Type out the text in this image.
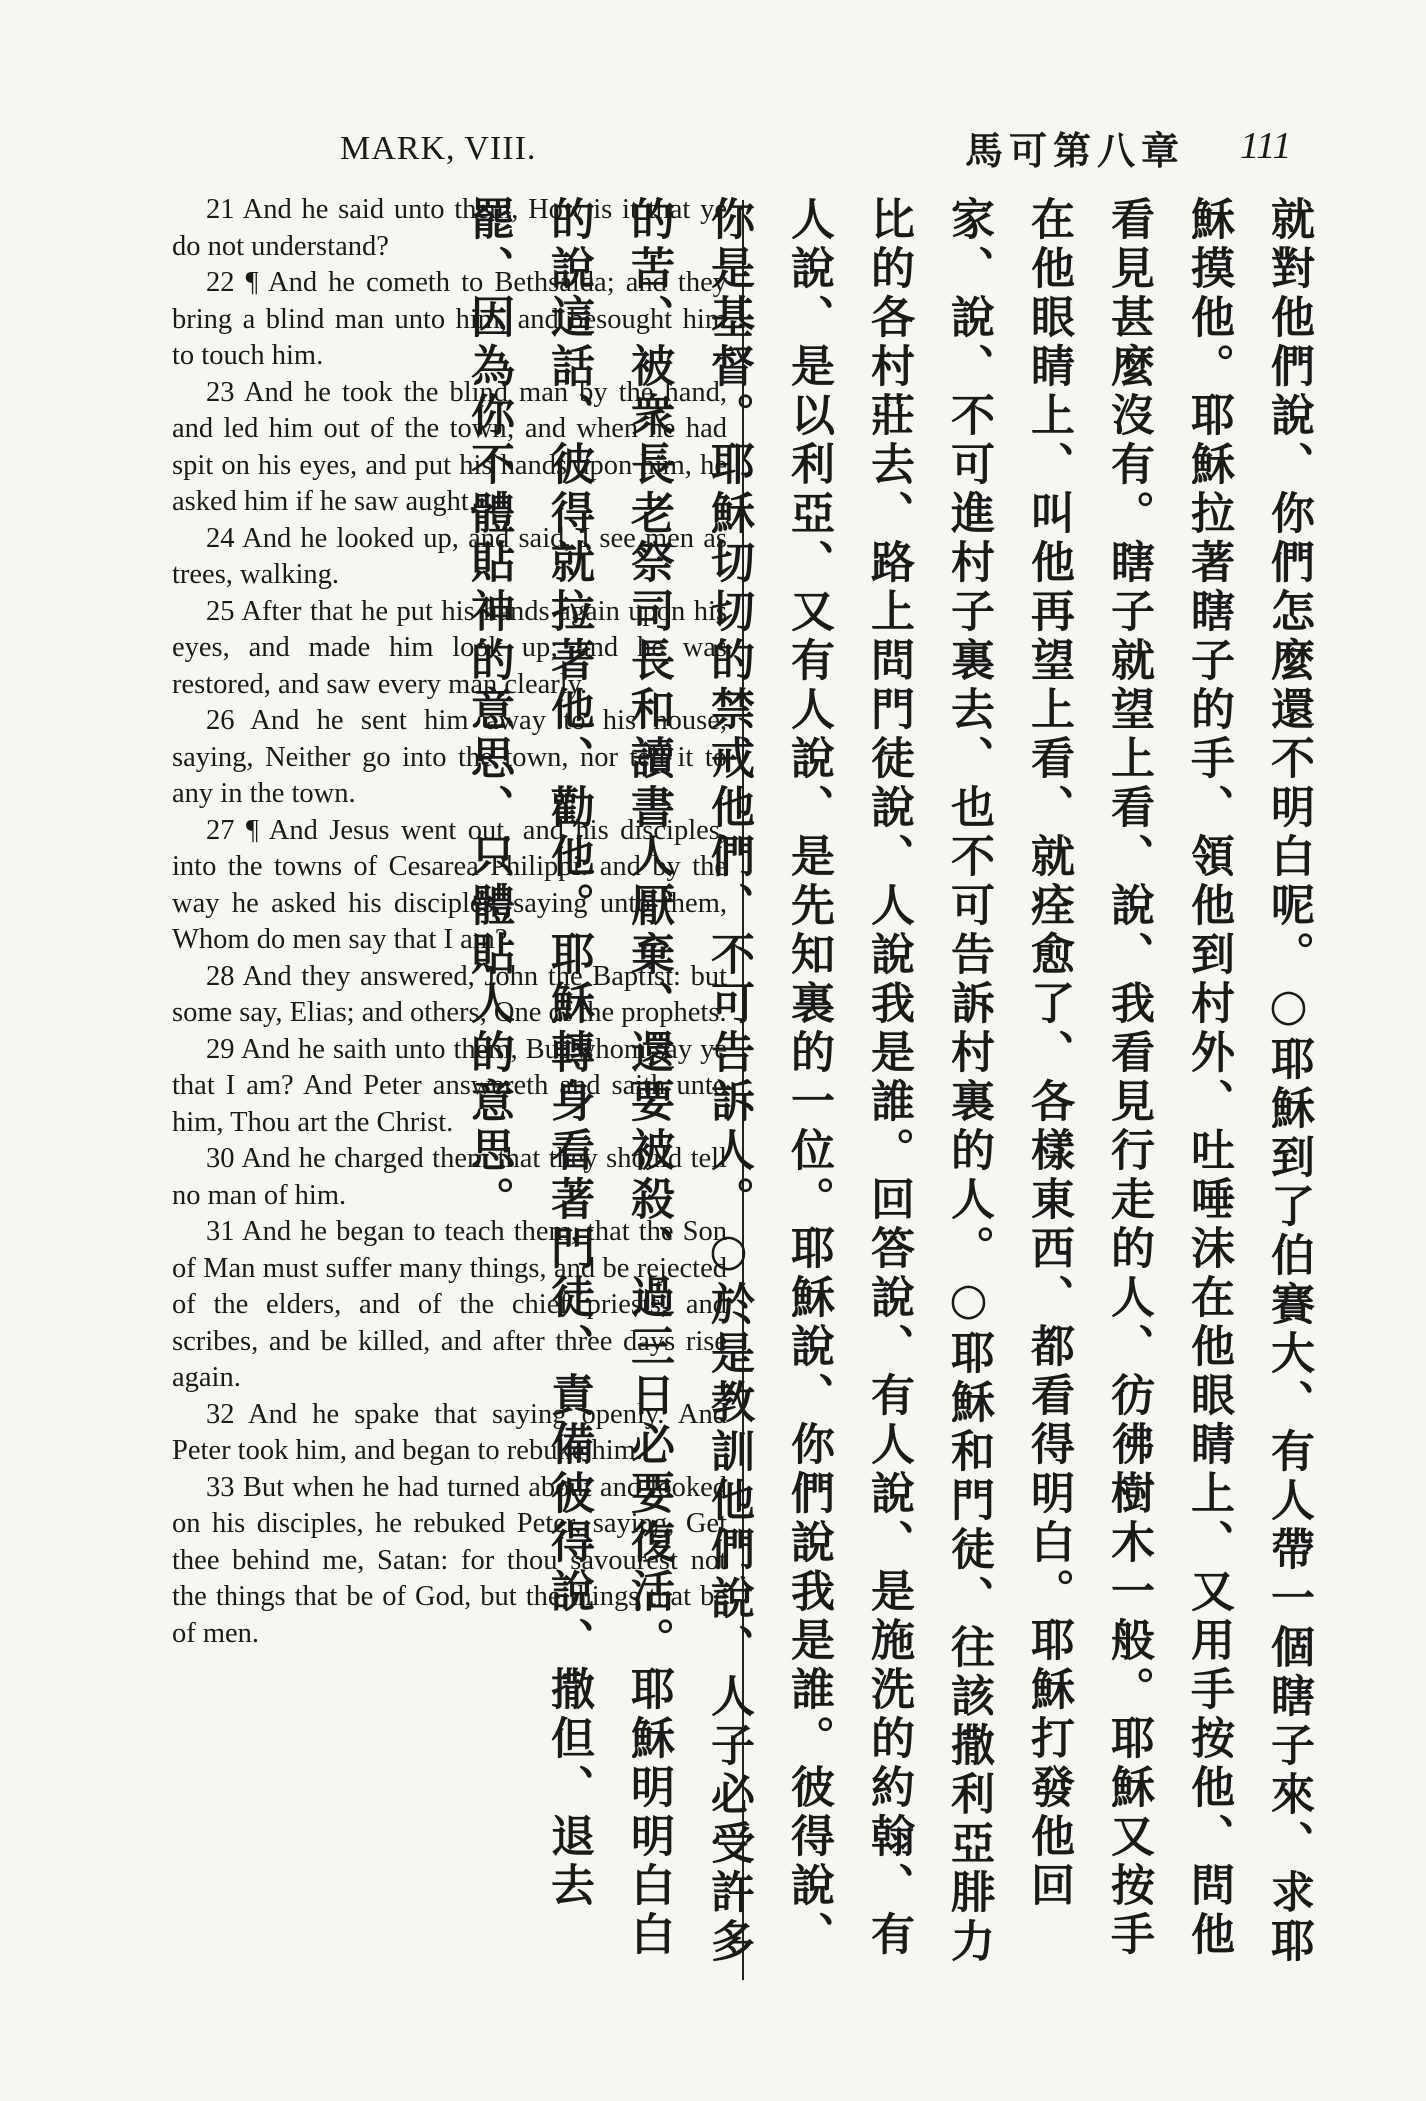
MARK, VIII.	馬可第八章 111

21 And he said unto them, How is it that ye do not understand?

22 ¶ And he cometh to Bethsaida; and they bring a blind man unto him, and besought him to touch him.

23 And he took the blind man by the hand, and led him out of the town; and when he had spit on his eyes, and put his hands upon him, he asked him if he saw aught.

24 And he looked up, and said, I see men as trees, walking.

25 After that he put his hands again upon his eyes, and made him look up; and he was restored, and saw every man clearly.

26 And he sent him away to his house, saying, Neither go into the town, nor tell it to any in the town.

27 ¶ And Jesus went out, and his disciples, into the towns of Cesarea Philippi: and by the way he asked his disciples, saying unto them, Whom do men say that I am?

28 And they answered, John the Baptist: but some say, Elias; and others, One of the prophets.

29 And he saith unto them, But whom say ye that I am? And Peter answereth and saith unto him, Thou art the Christ.

30 And he charged them that they should tell no man of him.

31 And he began to teach them, that the Son of Man must suffer many things, and be rejected of the elders, and of the chief priests, and scribes, and be killed, and after three days rise again.

32 And he spake that saying openly. And Peter took him, and began to rebuke him.

33 But when he had turned about and looked on his disciples, he rebuked Peter, saying, Get thee behind me, Satan: for thou savourest not the things that be of God, but the things that be of men.	就對他們說、你們怎麼還不明白呢。○耶穌到了伯賽大、有人帶一個瞎子來、求耶穌摸他。耶穌拉著瞎子的手、領他到村外、吐唾沫在他眼睛上、又用手按他、問他看見甚麼沒有。瞎子就望上看、說、我看見行走的人、彷彿樹木一般。耶穌又按手在他眼睛上、叫他再望上看、就痊愈了、各樣東西、都看得明白。耶穌打發他回家、說、不可進村子裏去、也不可告訴村裏的人。○耶穌和門徒、往該撒利亞腓力比的各村莊去、路上問門徒說、人說我是誰。回答說、有人說、是施洗的約翰、有人說、是以利亞、又有人說、是先知裏的一位。耶穌說、你們說我是誰。彼得說、你是基督。耶穌切切的禁戒他們、不可告訴人。○於是教訓他們說、人子必受許多的苦、被衆長老祭司長和讀書人厭棄、還要被殺、過三日必要復活。耶穌明明白白的說這話、彼得就拉著他、勸他。耶穌轉身看著門徒、責備彼得說、撒但、退去罷、因為你不體貼神的意思、只體貼人的意思。
